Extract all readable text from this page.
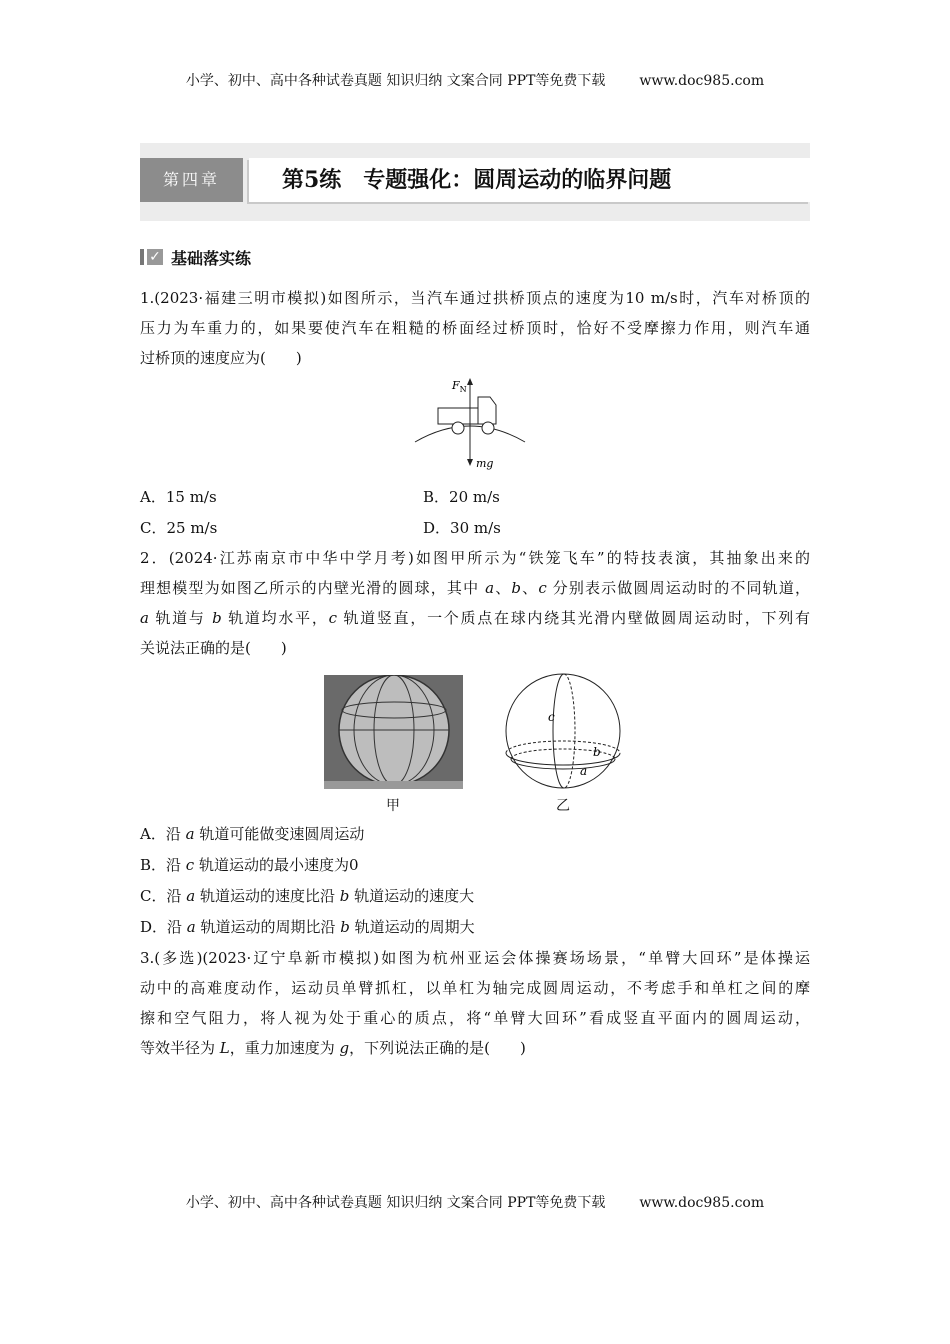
小学、初中、高中各种试卷真题 知识归纳 文案合同 PPT等免费下载 www.doc985.com
第四章	第5练　专题强化：圆周运动的临界问题
✓ 基础落实练
1.(2023·福建三明市模拟)如图所示，当汽车通过拱桥顶点的速度为10 m/s时，汽车对桥顶的
压力为车重力的，如果要使汽车在粗糙的桥面经过桥顶时，恰好不受摩擦力作用，则汽车通
过桥顶的速度应为(　　)
$F_N$
mg
A．15 m/s	B．20 m/s
C．25 m/s	D．30 m/s
2．(2024·江苏南京市中华中学月考)如图甲所示为“铁笼飞车”的特技表演，其抽象出来的
理想模型为如图乙所示的内壁光滑的圆球，其中 a、b、c 分别表示做圆周运动时的不同轨道，
a 轨道与 b 轨道均水平，c 轨道竖直，一个质点在球内绕其光滑内壁做圆周运动时，下列有
关说法正确的是(　　)
甲
c
b
a
乙
A．沿 a 轨道可能做变速圆周运动
B．沿 c 轨道运动的最小速度为0
C．沿 a 轨道运动的速度比沿 b 轨道运动的速度大
D．沿 a 轨道运动的周期比沿 b 轨道运动的周期大
3.(多选)(2023·辽宁阜新市模拟)如图为杭州亚运会体操赛场场景，“单臂大回环”是体操运
动中的高难度动作，运动员单臂抓杠，以单杠为轴完成圆周运动，不考虑手和单杠之间的摩
擦和空气阻力，将人视为处于重心的质点，将“单臂大回环”看成竖直平面内的圆周运动，
等效半径为 L，重力加速度为 g，下列说法正确的是(　　)
小学、初中、高中各种试卷真题 知识归纳 文案合同 PPT等免费下载 www.doc985.com
